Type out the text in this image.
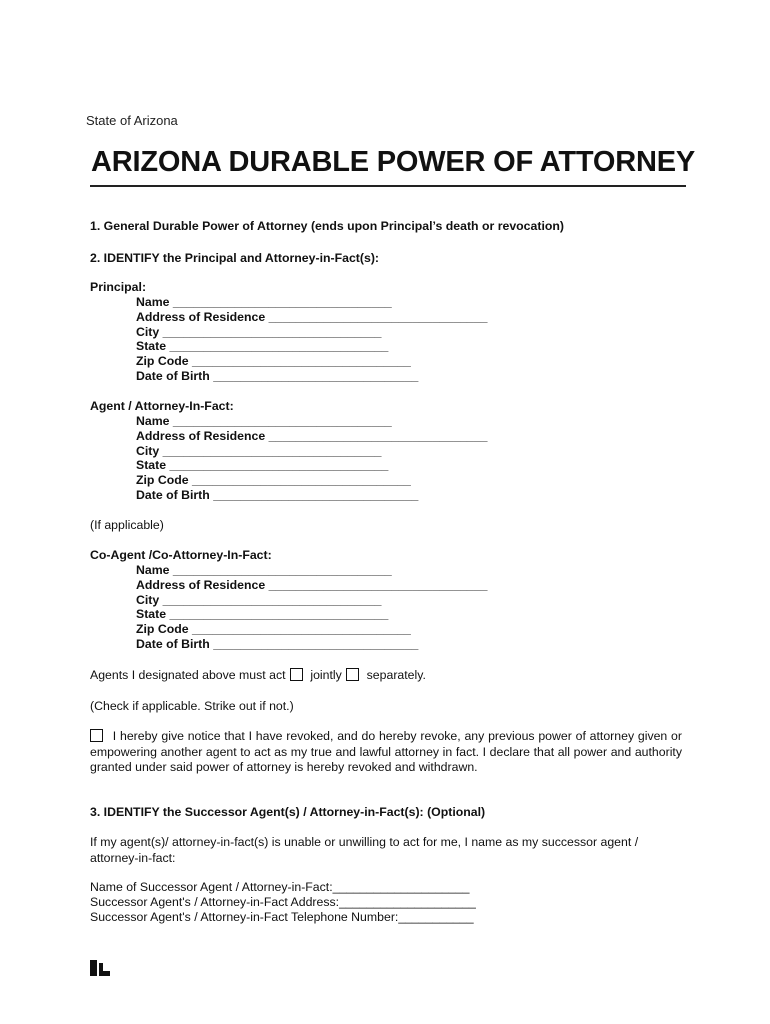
State of Arizona
ARIZONA DURABLE POWER OF ATTORNEY
1. General Durable Power of Attorney (ends upon Principal’s death or revocation)
2. IDENTIFY the Principal and Attorney-in-Fact(s):
Principal:
Name ________________________________
Address of Residence ________________________________
City ________________________________
State ________________________________
Zip Code ________________________________
Date of Birth ______________________________
Agent / Attorney-In-Fact:
Name ________________________________
Address of Residence ________________________________
City ________________________________
State ________________________________
Zip Code ________________________________
Date of Birth ______________________________
(If applicable)
Co-Agent /Co-Attorney-In-Fact:
Name ________________________________
Address of Residence ________________________________
City ________________________________
State ________________________________
Zip Code ________________________________
Date of Birth ______________________________
Agents I designated above must act jointly separately.
(Check if applicable. Strike out if not.)
I hereby give notice that I have revoked, and do hereby revoke, any previous power of attorney given or empowering another agent to act as my true and lawful attorney in fact. I declare that all power and authority granted under said power of attorney is hereby revoked and withdrawn.
3. IDENTIFY the Successor Agent(s) / Attorney-in-Fact(s): (Optional)
If my agent(s)/ attorney-in-fact(s) is unable or unwilling to act for me, I name as my successor agent / attorney-in-fact:
Name of Successor Agent / Attorney-in-Fact:____________________
Successor Agent's / Attorney-in-Fact Address:____________________
Successor Agent's / Attorney-in-Fact Telephone Number:___________
